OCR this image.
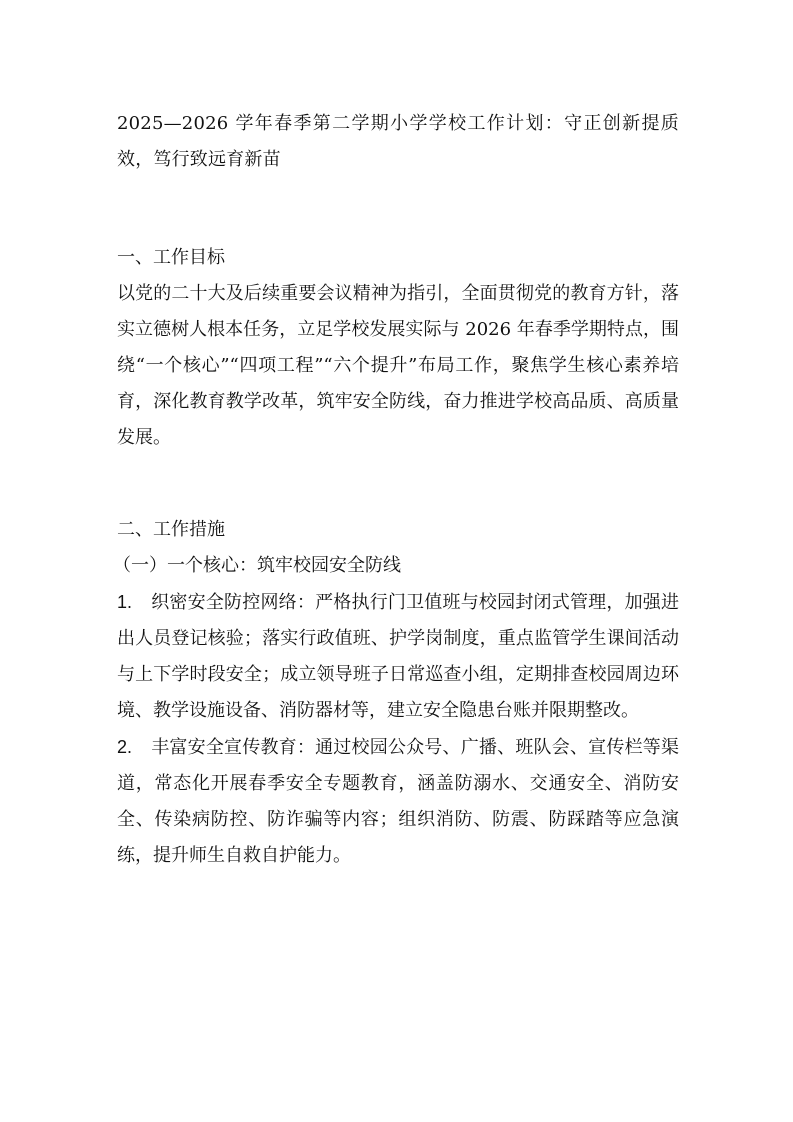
2025—2026 学年春季第二学期小学学校工作计划：守正创新提质效，笃行致远育新苗

一、工作目标

以党的二十大及后续重要会议精神为指引，全面贯彻党的教育方针，落实立德树人根本任务，立足学校发展实际与 2026 年春季学期特点，围绕“一个核心”“四项工程”“六个提升”布局工作，聚焦学生核心素养培育，深化教育教学改革，筑牢安全防线，奋力推进学校高品质、高质量发展。

二、工作措施

（一）一个核心：筑牢校园安全防线

1. 织密安全防控网络：严格执行门卫值班与校园封闭式管理，加强进出人员登记核验；落实行政值班、护学岗制度，重点监管学生课间活动与上下学时段安全；成立领导班子日常巡查小组，定期排查校园周边环境、教学设施设备、消防器材等，建立安全隐患台账并限期整改。

2. 丰富安全宣传教育：通过校园公众号、广播、班队会、宣传栏等渠道，常态化开展春季安全专题教育，涵盖防溺水、交通安全、消防安全、传染病防控、防诈骗等内容；组织消防、防震、防踩踏等应急演练，提升师生自救自护能力。
